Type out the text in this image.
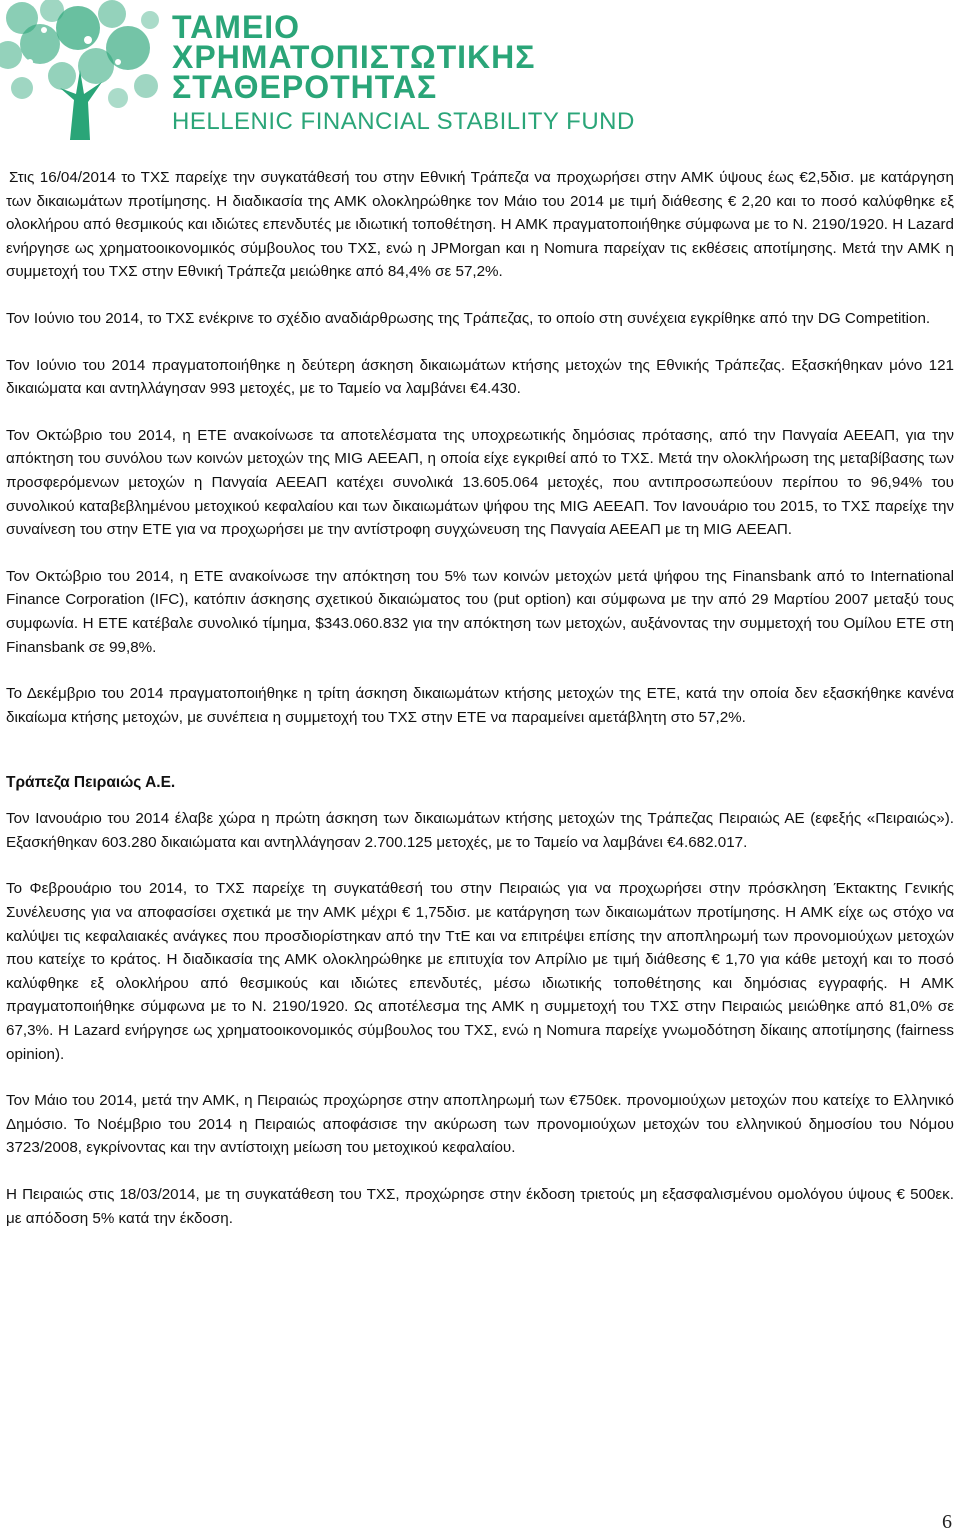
ΤΑΜΕΙΟ

ΧΡΗΜΑΤΟΠΙΣΤΩΤΙΚΗΣ

ΣΤΑΘΕΡΟΤΗΤΑΣ

HELLENIC FINANCIAL STABILITY FUND

Στις 16/04/2014 το ΤΧΣ παρείχε την συγκατάθεσή του στην Εθνική Τράπεζα να προχωρήσει στην ΑΜΚ ύψους έως €2,5δισ. με κατάργηση των δικαιωμάτων προτίμησης. Η διαδικασία της ΑΜΚ ολοκληρώθηκε τον Μάιο του 2014 με τιμή διάθεσης € 2,20 και το ποσό καλύφθηκε εξ ολοκλήρου από θεσμικούς και ιδιώτες επενδυτές με ιδιωτική τοποθέτηση. Η ΑΜΚ πραγματοποιήθηκε σύμφωνα με το Ν. 2190/1920. Η Lazard ενήργησε ως χρηματοοικονομικός σύμβουλος του ΤΧΣ, ενώ η JPMorgan και η Nomura παρείχαν τις εκθέσεις αποτίμησης. Μετά την ΑΜΚ η συμμετοχή του ΤΧΣ στην Εθνική Τράπεζα μειώθηκε από 84,4% σε 57,2%.

Τον Ιούνιο του 2014, το ΤΧΣ ενέκρινε το σχέδιο αναδιάρθρωσης της Τράπεζας, το οποίο στη συνέχεια εγκρίθηκε από την DG Competition.

Τον Ιούνιο του 2014 πραγματοποιήθηκε η δεύτερη άσκηση δικαιωμάτων κτήσης μετοχών της Εθνικής Τράπεζας. Εξασκήθηκαν μόνο 121 δικαιώματα και αντηλλάγησαν 993 μετοχές, με το Ταμείο να λαμβάνει €4.430.

Τον Οκτώβριο του 2014, η ΕΤΕ ανακοίνωσε τα αποτελέσματα της υποχρεωτικής δημόσιας πρότασης, από την Πανγαία ΑΕΕΑΠ, για την απόκτηση του συνόλου των κοινών μετοχών της MIG ΑΕΕΑΠ, η οποία είχε εγκριθεί από το ΤΧΣ. Μετά την ολοκλήρωση της μεταβίβασης των προσφερόμενων μετοχών η Πανγαία ΑΕΕΑΠ κατέχει συνολικά 13.605.064 μετοχές, που αντιπροσωπεύουν περίπου το 96,94% του συνολικού καταβεβλημένου μετοχικού κεφαλαίου και των δικαιωμάτων ψήφου της MIG ΑΕΕΑΠ. Τον Ιανουάριο του 2015, το ΤΧΣ παρείχε την συναίνεση του στην ΕΤΕ για να προχωρήσει με την αντίστροφη συγχώνευση της Πανγαία ΑΕΕΑΠ με τη MIG ΑΕΕΑΠ.

Τον Οκτώβριο του 2014, η ΕΤΕ ανακοίνωσε την απόκτηση του 5% των κοινών μετοχών μετά ψήφου της Finansbank από το International Finance Corporation (IFC), κατόπιν άσκησης σχετικού δικαιώματος του (put option) και σύμφωνα με την από 29 Μαρτίου 2007 μεταξύ τους συμφωνία. Η ΕΤΕ κατέβαλε συνολικό τίμημα, $343.060.832 για την απόκτηση των μετοχών, αυξάνοντας την συμμετοχή του Ομίλου ΕΤΕ στη Finansbank σε 99,8%.

Το Δεκέμβριο του 2014 πραγματοποιήθηκε η τρίτη άσκηση δικαιωμάτων κτήσης μετοχών της ΕΤΕ, κατά την οποία δεν εξασκήθηκε κανένα δικαίωμα κτήσης μετοχών, με συνέπεια η συμμετοχή του ΤΧΣ στην ΕΤΕ να παραμείνει αμετάβλητη στο 57,2%.

Τράπεζα Πειραιώς Α.Ε.

Τον Ιανουάριο του 2014 έλαβε χώρα η πρώτη άσκηση των δικαιωμάτων κτήσης μετοχών της Τράπεζας Πειραιώς ΑΕ (εφεξής «Πειραιώς»). Εξασκήθηκαν 603.280 δικαιώματα και αντηλλάγησαν 2.700.125 μετοχές, με το Ταμείο να λαμβάνει €4.682.017.

Το Φεβρουάριο του 2014, το ΤΧΣ παρείχε τη συγκατάθεσή του στην Πειραιώς για να προχωρήσει στην πρόσκληση Έκτακτης Γενικής Συνέλευσης για να αποφασίσει σχετικά με την ΑΜΚ μέχρι € 1,75δισ. με κατάργηση των δικαιωμάτων προτίμησης. Η ΑΜΚ είχε ως στόχο να καλύψει τις κεφαλαιακές ανάγκες που προσδιορίστηκαν από την ΤτΕ και να επιτρέψει επίσης την αποπληρωμή των προνομιούχων μετοχών που κατείχε το κράτος. Η διαδικασία της ΑΜΚ ολοκληρώθηκε με επιτυχία τον Απρίλιο με τιμή διάθεσης € 1,70 για κάθε μετοχή και το ποσό καλύφθηκε εξ ολοκλήρου από θεσμικούς και ιδιώτες επενδυτές, μέσω ιδιωτικής τοποθέτησης και δημόσιας εγγραφής. Η ΑΜΚ πραγματοποιήθηκε σύμφωνα με το Ν. 2190/1920. Ως αποτέλεσμα της ΑΜΚ η συμμετοχή του ΤΧΣ στην Πειραιώς μειώθηκε από 81,0% σε 67,3%. Η Lazard ενήργησε ως χρηματοοικονομικός σύμβουλος του ΤΧΣ, ενώ η Nomura παρείχε γνωμοδότηση δίκαιης αποτίμησης (fairness opinion).

Τον Μάιο του 2014, μετά την ΑΜΚ, η Πειραιώς προχώρησε στην αποπληρωμή των €750εκ. προνομιούχων μετοχών που κατείχε το Ελληνικό Δημόσιο. Το Νοέμβριο του 2014 η Πειραιώς αποφάσισε την ακύρωση των προνομιούχων μετοχών του ελληνικού δημοσίου του Νόμου 3723/2008, εγκρίνοντας και την αντίστοιχη μείωση του μετοχικού κεφαλαίου.

Η Πειραιώς στις 18/03/2014, με τη συγκατάθεση του ΤΧΣ, προχώρησε στην έκδοση τριετούς μη εξασφαλισμένου ομολόγου ύψους € 500εκ. με απόδοση 5% κατά την έκδοση.

6
